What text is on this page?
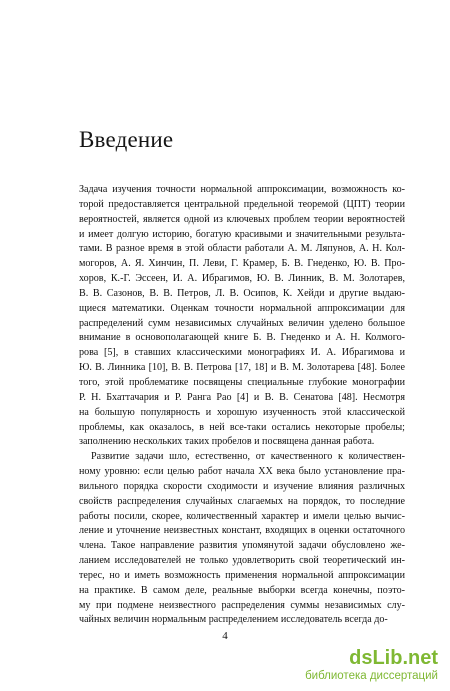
Введение
Задача изучения точности нормальной аппроксимации, возможность ко-
торой предоставляется центральной предельной теоремой (ЦПТ) теории
вероятностей, является одной из ключевых проблем теории вероятностей
и имеет долгую историю, богатую красивыми и значительными результа-
тами. В разное время в этой области работали А. М. Ляпунов, А. Н. Кол-
могоров, А. Я. Хинчин, П. Леви, Г. Крамер, Б. В. Гнеденко, Ю. В. Про-
хоров, К.-Г. Эссеен, И. А. Ибрагимов, Ю. В. Линник, В. М. Золотарев,
В. В. Сазонов, В. В. Петров, Л. В. Осипов, К. Хейди и другие выдаю-
щиеся математики. Оценкам точности нормальной аппроксимации для
распределений сумм независимых случайных величин уделено большое
внимание в основополагающей книге Б. В. Гнеденко и А. Н. Колмого-
рова [5], в ставших классическими монографиях И. А. Ибрагимова и
Ю. В. Линника [10], В. В. Петрова [17, 18] и В. М. Золотарева [48]. Более
того, этой проблематике посвящены специальные глубокие монографии
Р. Н. Бхаттачария и Р. Ранга Рао [4] и В. В. Сенатова [48]. Несмотря
на большую популярность и хорошую изученность этой классической
проблемы, как оказалось, в ней все-таки остались некоторые пробелы;
заполнению нескольких таких пробелов и посвящена данная работа.
Развитие задачи шло, естественно, от качественного к количествен-
ному уровню: если целью работ начала XX века было установление пра-
вильного порядка скорости сходимости и изучение влияния различных
свойств распределения случайных слагаемых на порядок, то последние
работы посили, скорее, количественный характер и имели целью вычис-
ление и уточнение неизвестных констант, входящих в оценки остаточного
члена. Такое направление развития упомянутой задачи обусловлено же-
ланием исследователей не только удовлетворить свой теоретический ин-
терес, но и иметь возможность применения нормальной аппроксимации
на практике. В самом деле, реальные выборки всегда конечны, поэто-
му при подмене неизвестного распределения суммы независимых слу-
чайных величин нормальным распределением исследователь всегда до-
4
dsLib.net
библиотека диссертаций
